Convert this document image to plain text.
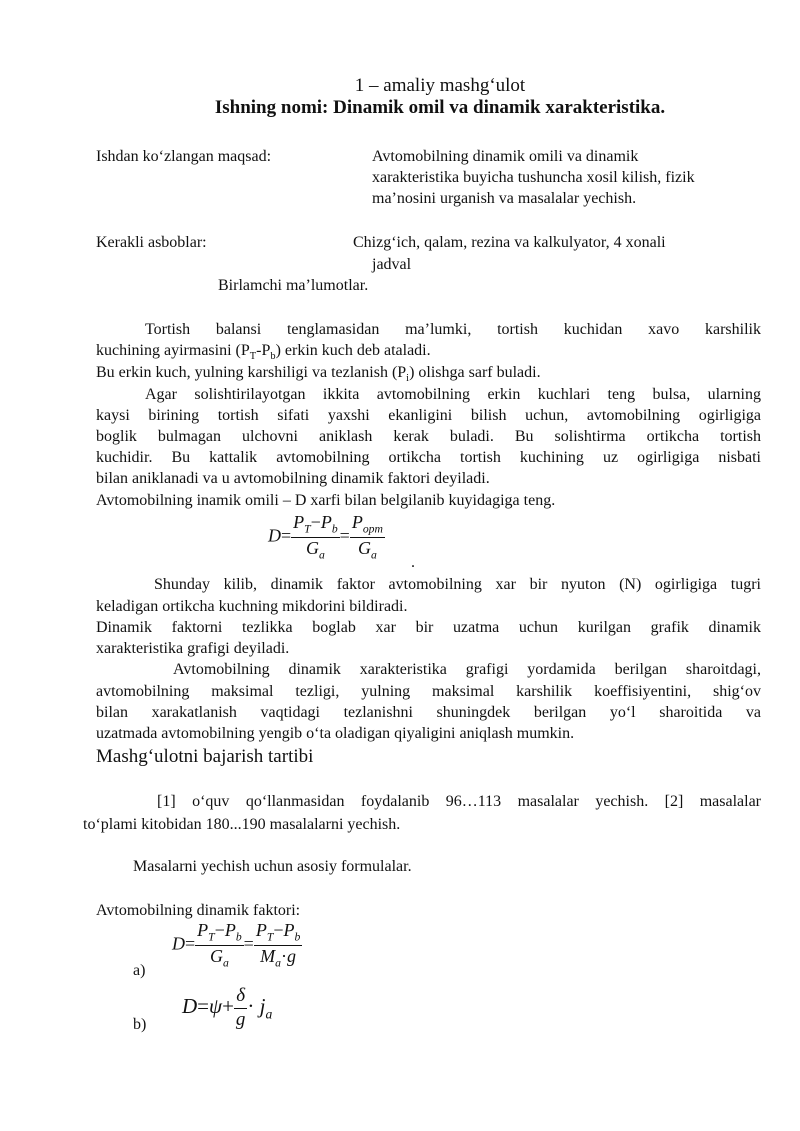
1 – amaliy mashg‘ulot
Ishning nomi: Dinamik omil va dinamik xarakteristika.
Ishdan ko‘zlangan maqsad:	Avtomobilning dinamik omili va dinamik
xarakteristika buyicha tushuncha xosil kilish, fizik
ma’nosini urganish va masalalar yechish.
Kerakli asboblar:	Chizg‘ich, qalam, rezina va kalkulyator, 4 xonali
jadval
Birlamchi ma’lumotlar.
Tortish balansi tenglamasidan ma’lumki, tortish kuchidan xavo karshilik
kuchining ayirmasini $(P_T-P_b)$ erkin kuch deb ataladi.
Bu erkin kuch, yulning karshiligi va tezlanish $(P_i)$ olishga sarf buladi.
Agar solishtirilayotgan ikkita avtomobilning erkin kuchlari teng bulsa, ularning
kaysi birining tortish sifati yaxshi ekanligini bilish uchun, avtomobilning ogirligiga
boglik bulmagan ulchovni aniklash kerak buladi. Bu solishtirma ortikcha tortish
kuchidir. Bu kattalik avtomobilning ortikcha tortish kuchining uz ogirligiga nisbati
bilan aniklanadi va u avtomobilning dinamik faktori deyiladi.
Avtomobilning inamik omili – D xarfi bilan belgilanib kuyidagiga teng.
$D= \frac{P_T-P_b}{G_a} = \frac{P_{opm}}{G_a}$
.
Shunday kilib, dinamik faktor avtomobilning xar bir nyuton (N) ogirligiga tugri
keladigan ortikcha kuchning mikdorini bildiradi.
Dinamik faktorni tezlikka boglab xar bir uzatma uchun kurilgan grafik dinamik
xarakteristika grafigi deyiladi.
Avtomobilning dinamik xarakteristika grafigi yordamida berilgan sharoitdagi,
avtomobilning maksimal tezligi, yulning maksimal karshilik koeffisiyentini, shig‘ov
bilan xarakatlanish vaqtidagi tezlanishni shuningdek berilgan yo‘l sharoitida va
uzatmada avtomobilning yengib o‘ta oladigan qiyaligini aniqlash mumkin.
Mashg‘ulotni bajarish tartibi
[1] o‘quv qo‘llanmasidan foydalanib 96…113 masalalar yechish. [2] masalalar
to‘plami kitobidan 180...190 masalalarni yechish.
Masalarni yechish uchun asosiy formulalar.
Avtomobilning dinamik faktori:
$D= \frac{P_T-P_b}{G_a} = \frac{P_T-P_b}{M_a\cdot g}$
a)
$D=\psi+ \frac{\delta}{g} \cdot j_a$
b)
